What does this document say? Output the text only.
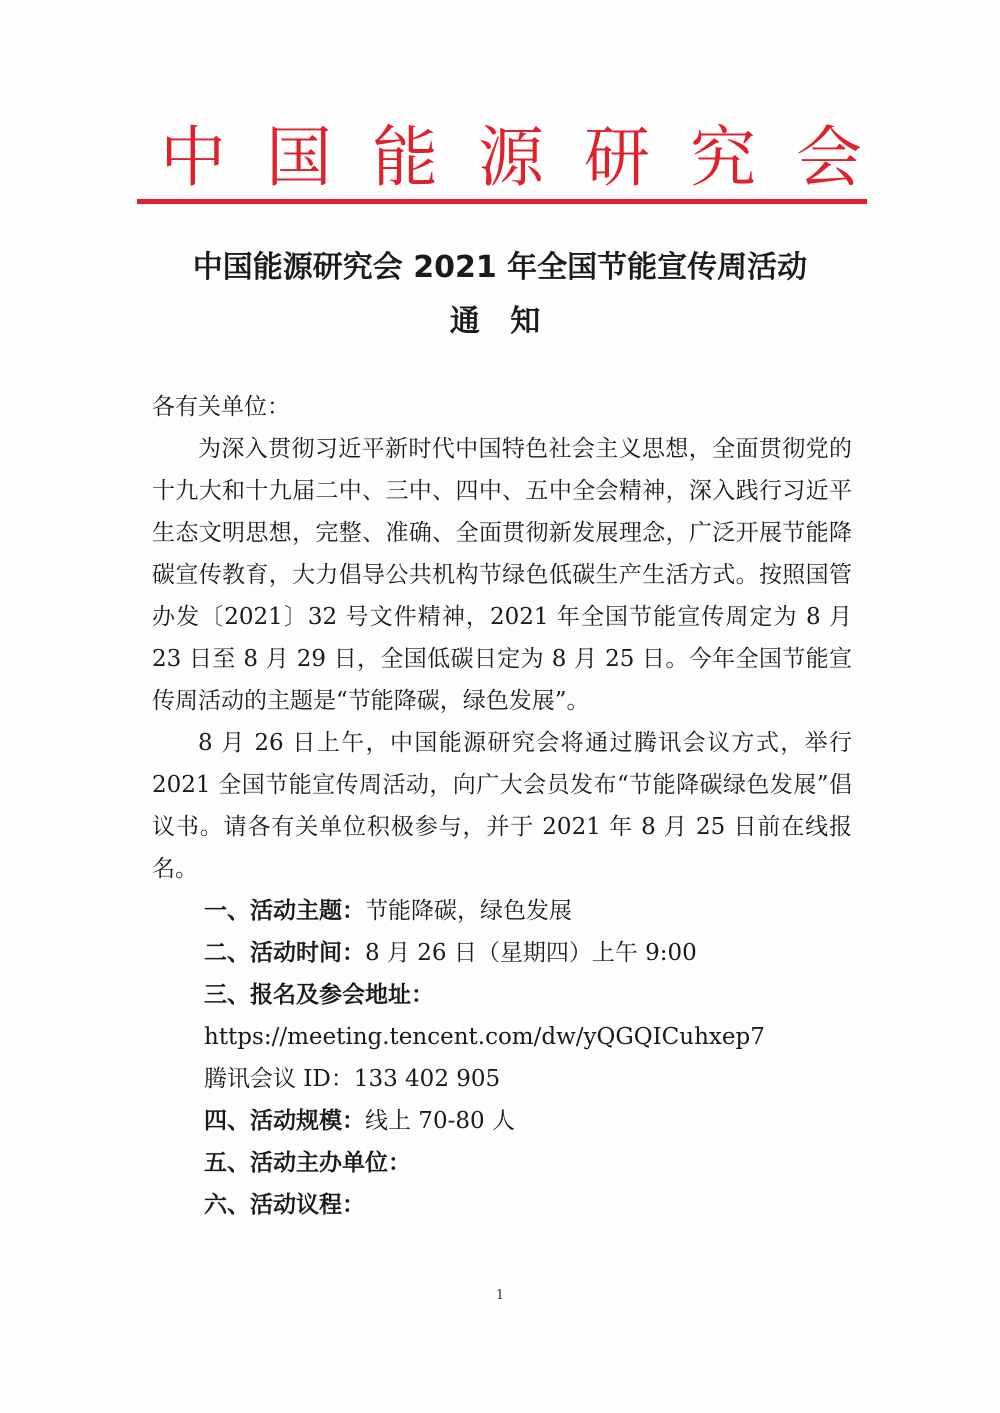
中国能源研究会
中国能源研究会 2021 年全国节能宣传周活动
通 知

各有关单位：

为深入贯彻习近平新时代中国特色社会主义思想，全面贯彻党的十九大和十九届二中、三中、四中、五中全会精神，深入践行习近平生态文明思想，完整、准确、全面贯彻新发展理念，广泛开展节能降碳宣传教育，大力倡导公共机构节绿色低碳生产生活方式。按照国管办发〔2021〕32 号文件精神，2021 年全国节能宣传周定为 8 月 23 日至 8 月 29 日，全国低碳日定为 8 月 25 日。今年全国节能宣传周活动的主题是“节能降碳，绿色发展”。

8 月 26 日上午，中国能源研究会将通过腾讯会议方式，举行 2021 全国节能宣传周活动，向广大会员发布“节能降碳绿色发展”倡议书。请各有关单位积极参与，并于 2021 年 8 月 25 日前在线报名。

一、活动主题：节能降碳，绿色发展

二、活动时间：8 月 26 日（星期四）上午 9:00

三、报名及参会地址：

https://meeting.tencent.com/dw/yQGQICuhxep7

腾讯会议 ID：133 402 905

四、活动规模：线上 70-80 人

五、活动主办单位：

六、活动议程：

1
